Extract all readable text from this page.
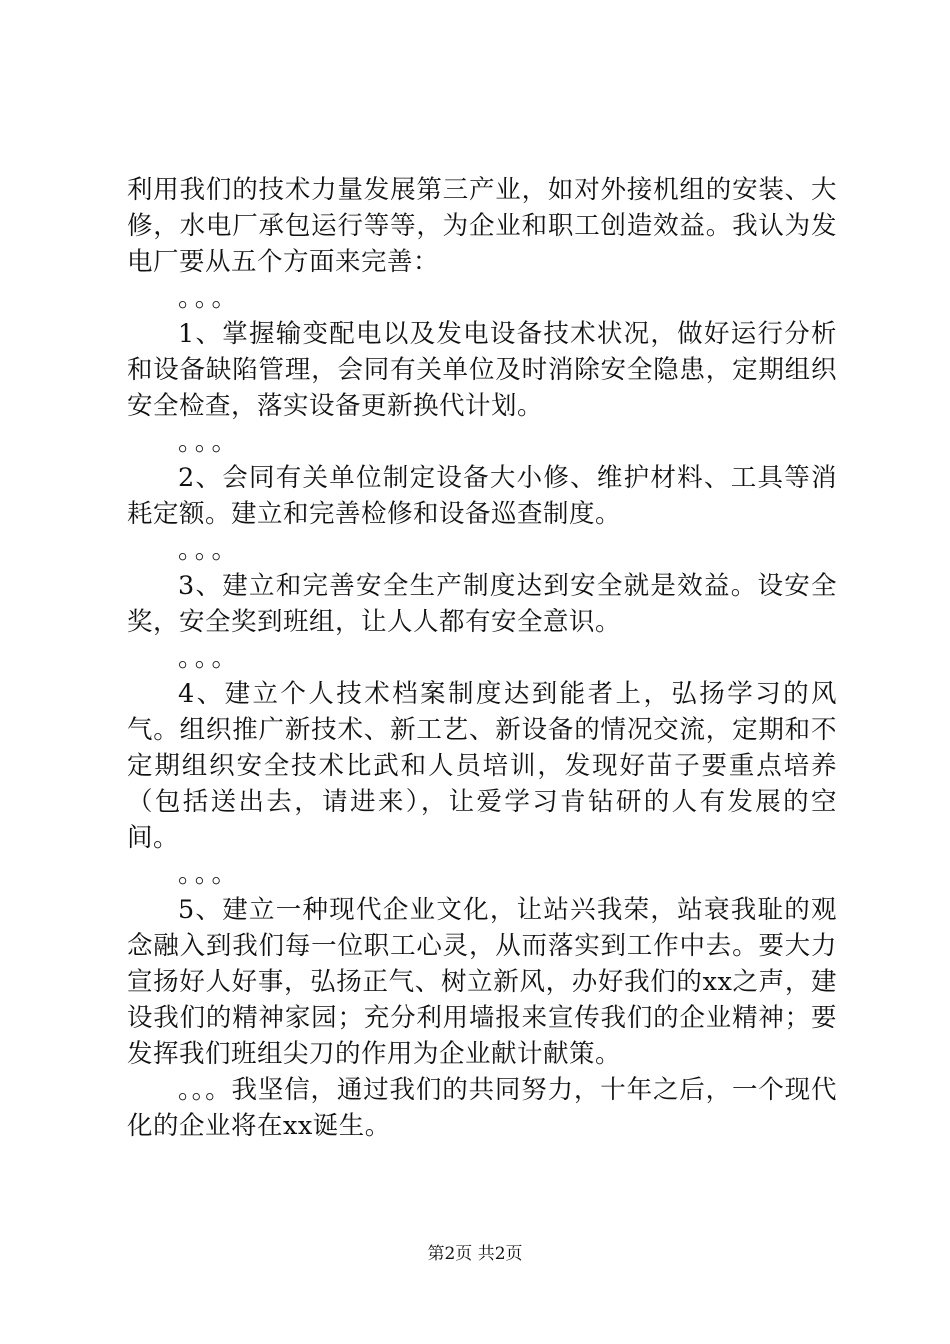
利用我们的技术力量发展第三产业，如对外接机组的安装、大修，水电厂承包运行等等，为企业和职工创造效益。我认为发电厂要从五个方面来完善：

。。。

1、掌握输变配电以及发电设备技术状况，做好运行分析和设备缺陷管理，会同有关单位及时消除安全隐患，定期组织安全检查，落实设备更新换代计划。

。。。

2、会同有关单位制定设备大小修、维护材料、工具等消耗定额。建立和完善检修和设备巡查制度。

。。。

3、建立和完善安全生产制度达到安全就是效益。设安全奖，安全奖到班组，让人人都有安全意识。

。。。

4、建立个人技术档案制度达到能者上，弘扬学习的风气。组织推广新技术、新工艺、新设备的情况交流，定期和不定期组织安全技术比武和人员培训，发现好苗子要重点培养（包括送出去，请进来），让爱学习肯钻研的人有发展的空间。

。。。

5、建立一种现代企业文化，让站兴我荣，站衰我耻的观念融入到我们每一位职工心灵，从而落实到工作中去。要大力宣扬好人好事，弘扬正气、树立新风，办好我们的xx之声，建设我们的精神家园；充分利用墙报来宣传我们的企业精神；要发挥我们班组尖刀的作用为企业献计献策。

。。。我坚信，通过我们的共同努力，十年之后，一个现代化的企业将在xx诞生。

第2页 共2页
